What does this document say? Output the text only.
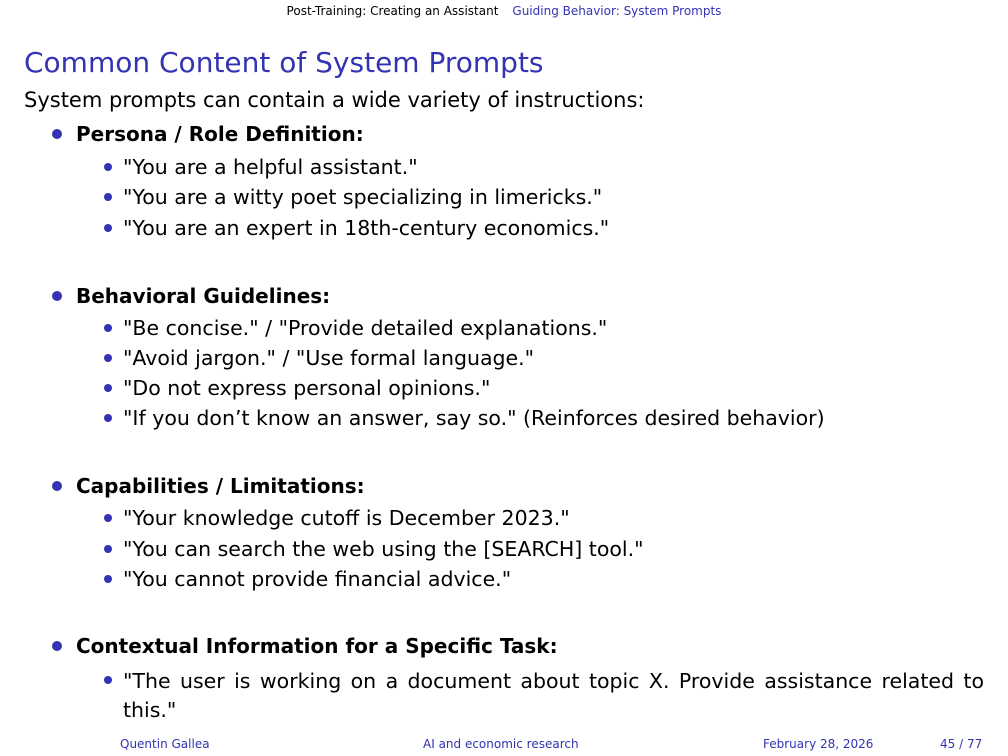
Post-Training: Creating an Assistant Guiding Behavior: System Prompts
Common Content of System Prompts
System prompts can contain a wide variety of instructions:
Persona / Role Definition:
"You are a helpful assistant."
"You are a witty poet specializing in limericks."
"You are an expert in 18th-century economics."
Behavioral Guidelines:
"Be concise." / "Provide detailed explanations."
"Avoid jargon." / "Use formal language."
"Do not express personal opinions."
"If you don’t know an answer, say so." (Reinforces desired behavior)
Capabilities / Limitations:
"Your knowledge cutoff is December 2023."
"You can search the web using the [SEARCH] tool."
"You cannot provide financial advice."
Contextual Information for a Specific Task:
"The user is working on a document about topic X. Provide assistance related to this."
Quentin Gallea	AI and economic research	February 28, 2026	45 / 77
